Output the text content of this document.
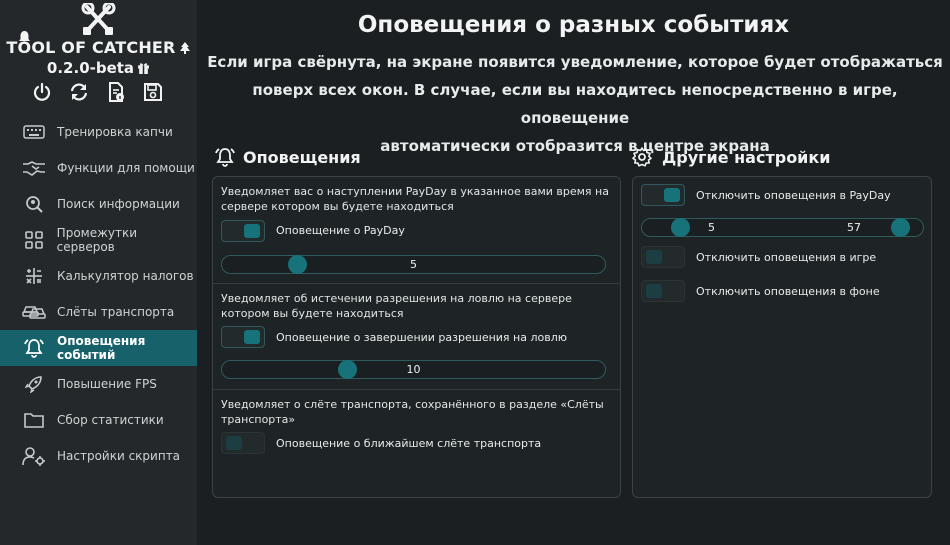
TOOL OF CATCHER
0.2.0-beta
Тренировка капчи
Функции для помощи
Поиск информации
Промежутки серверов
Калькулятор налогов
Слёты транспорта
Оповещения событий
Повышение FPS
Сбор статистики
Настройки скрипта
Оповещения о разных событиях
Если игра свёрнута, на экране появится уведомление, которое будет отображаться
поверх всех окон. В случае, если вы находитесь непосредственно в игре, оповещение
автоматически отобразится в центре экрана
Оповещения
Уведомляет вас о наступлении PayDay в указанное вами время на
сервере котором вы будете находиться
Оповещение о PayDay
5
Уведомляет об истечении разрешения на ловлю на сервере
котором вы будете находиться
Оповещение о завершении разрешения на ловлю
10
Уведомляет о слёте транспорта, сохранённого в разделе «Слёты
транспорта»
Оповещение о ближайшем слёте транспорта
Другие настройки
Отключить оповещения в PayDay
5	57
Отключить оповещения в игре
Отключить оповещения в фоне
